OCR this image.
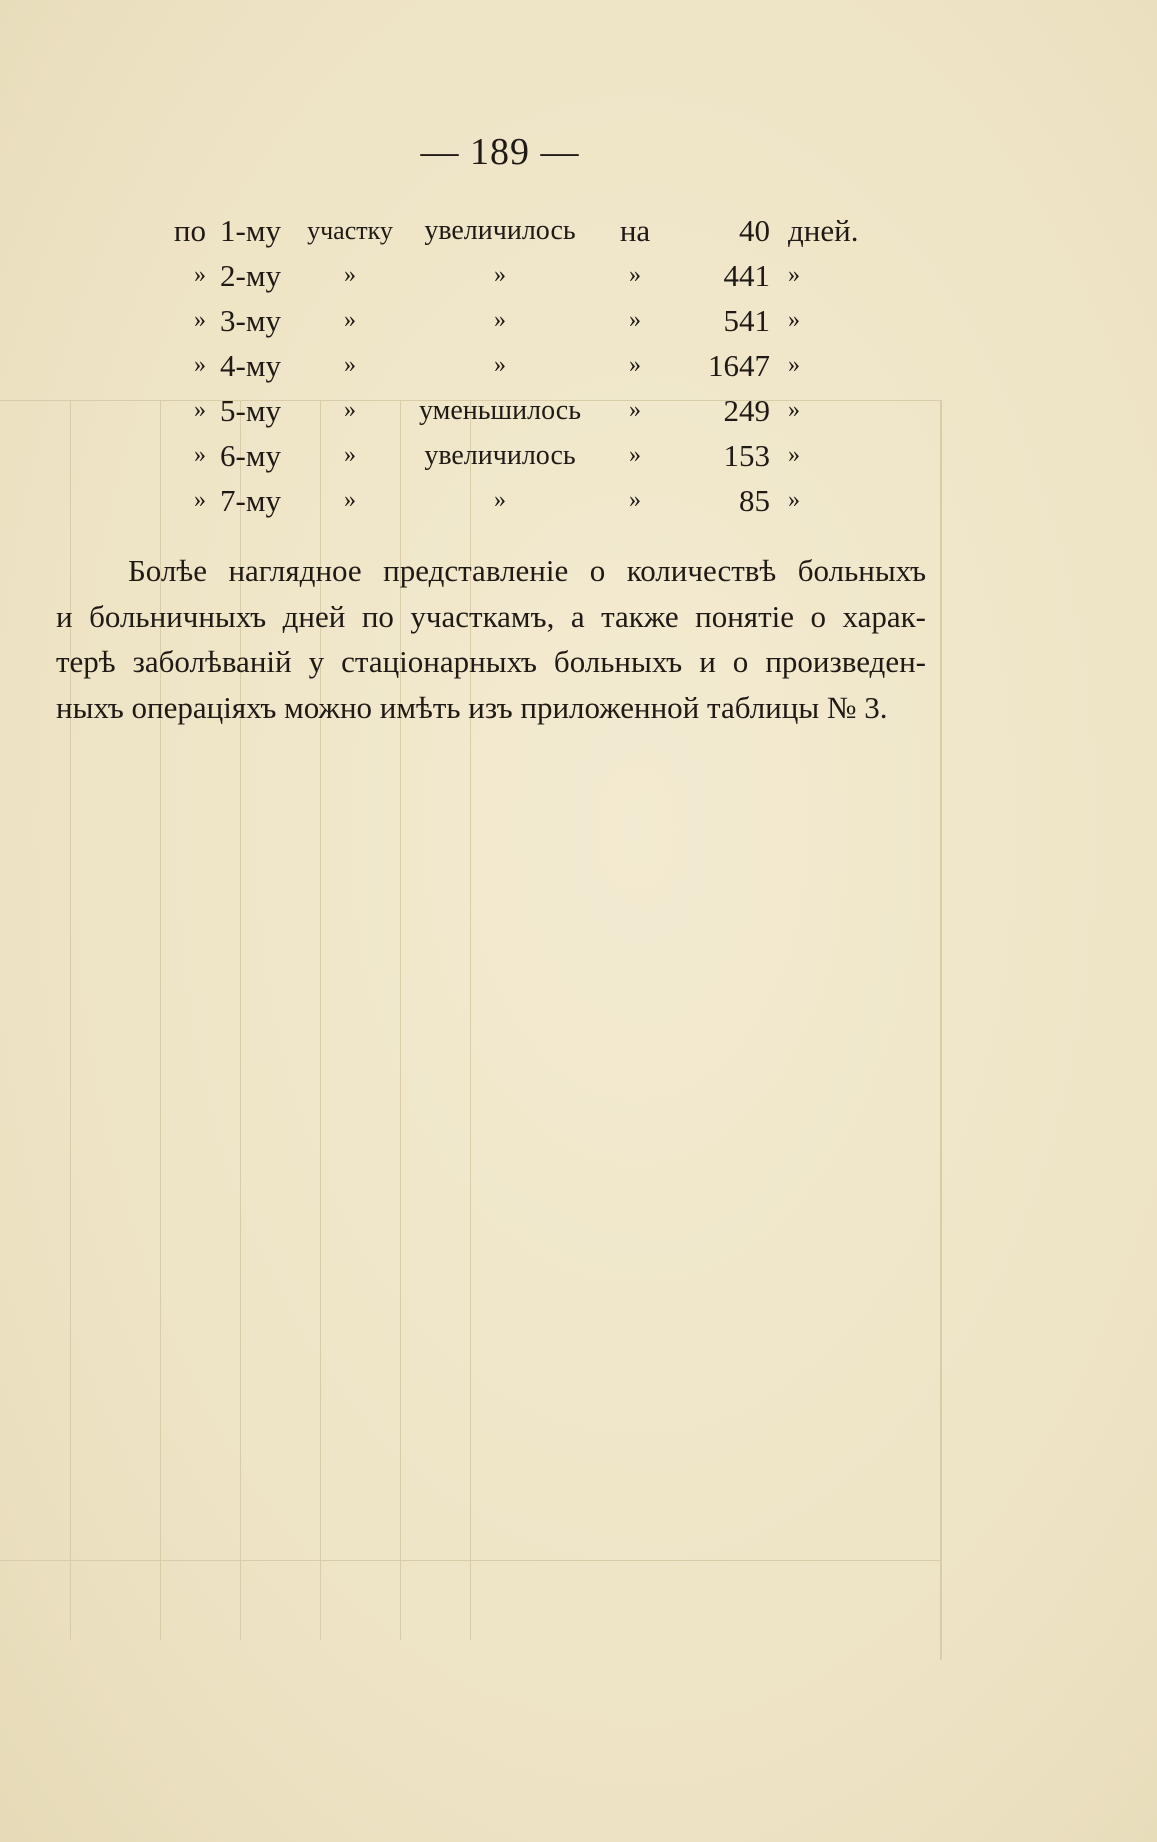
— 189 —
по	1-му	участку	увеличилось	на	40	дней.
»	2-му	»	»	»	441	»
»	3-му	»	»	»	541	»
»	4-му	»	»	»	1647	»
»	5-му	»	уменьшилось	»	249	»
»	6-му	»	увеличилось	»	153	»
»	7-му	»	»	»	85	»
Болѣе наглядное представленіе о количествѣ больныхъ
и больничныхъ дней по участкамъ, а также понятіе о харак-
терѣ заболѣваній у стаціонарныхъ больныхъ и о произведен-
ныхъ операціяхъ можно имѣть изъ приложенной таблицы № 3.
